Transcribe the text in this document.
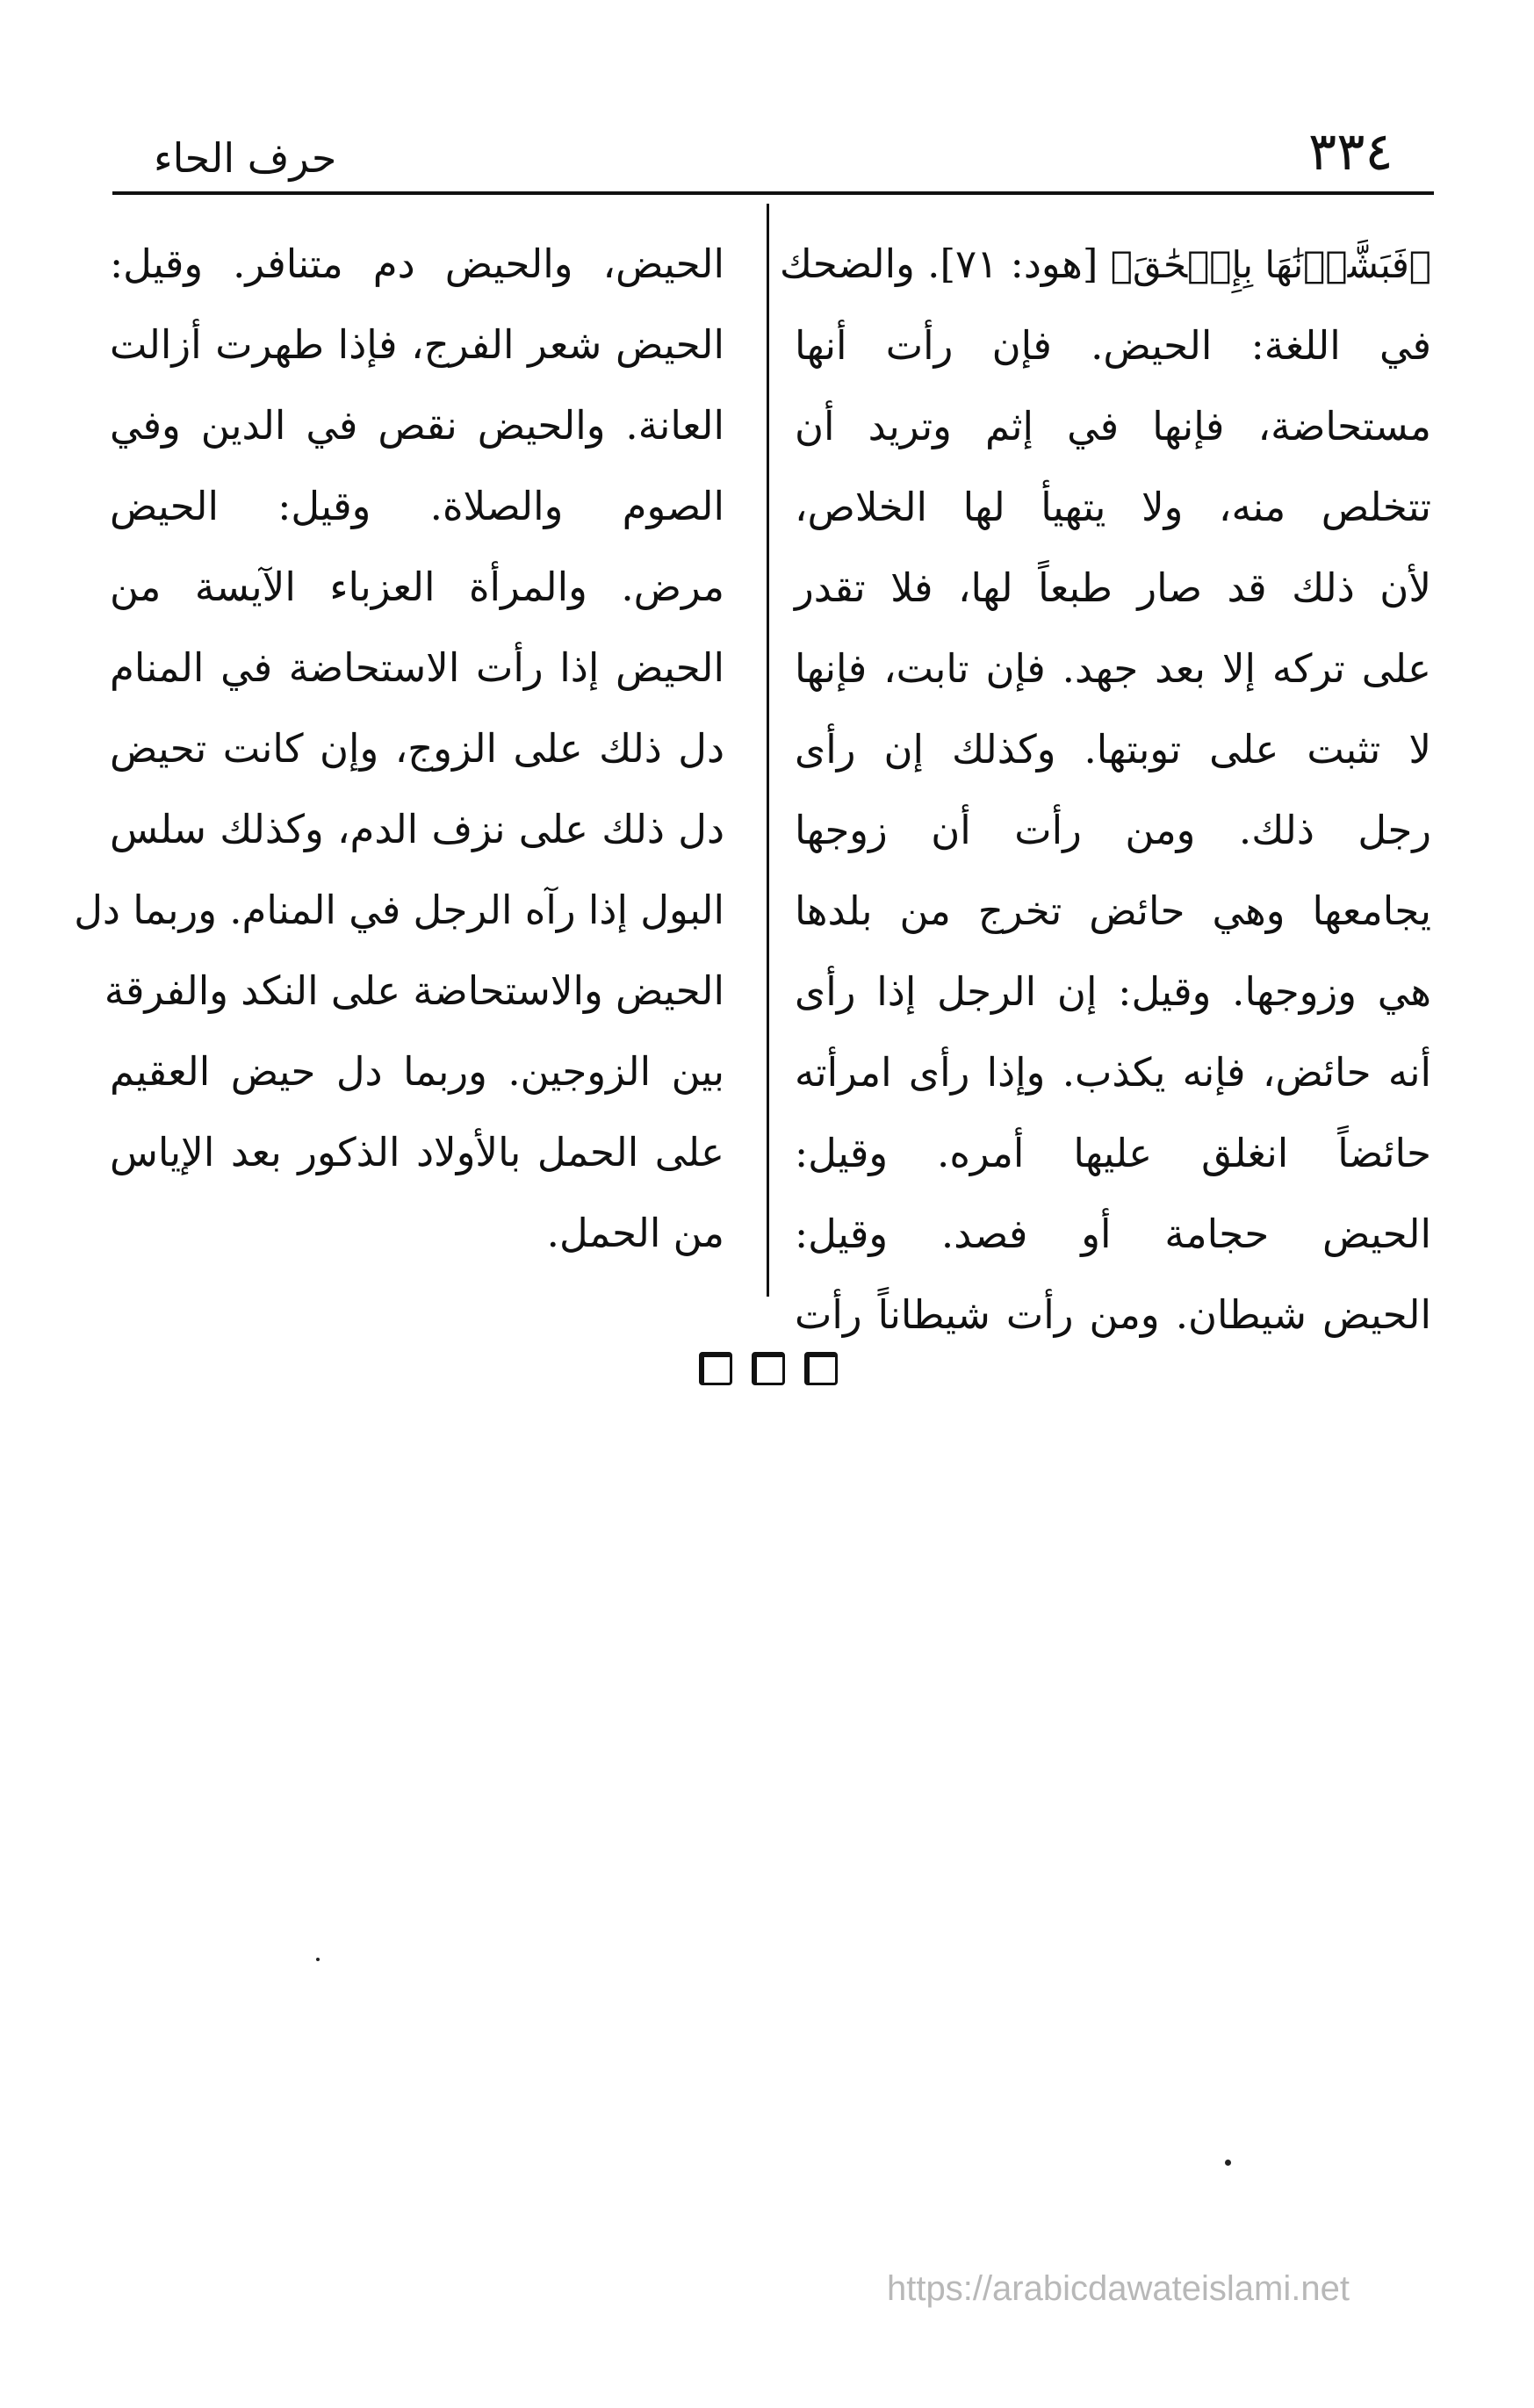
٣٣٤
حرف الحاء
﴿فَبَشَّرۡنَٰهَا بِإِسۡحَٰقَ﴾ [هود: ٧١]. والضحك
في اللغة: الحيض. فإن رأت أنها
مستحاضة، فإنها في إثم وتريد أن
تتخلص منه، ولا يتهيأ لها الخلاص،
لأن ذلك قد صار طبعاً لها، فلا تقدر
على تركه إلا بعد جهد. فإن تابت، فإنها
لا تثبت على توبتها. وكذلك إن رأى
رجل ذلك. ومن رأت أن زوجها
يجامعها وهي حائض تخرج من بلدها
هي وزوجها. وقيل: إن الرجل إذا رأى
أنه حائض، فإنه يكذب. وإذا رأى امرأته
حائضاً انغلق عليها أمره. وقيل:
الحيض حجامة أو فصد. وقيل:
الحيض شيطان. ومن رأت شيطاناً رأت
الحيض، والحيض دم متنافر. وقيل:
الحيض شعر الفرج، فإذا طهرت أزالت
العانة. والحيض نقص في الدين وفي
الصوم والصلاة. وقيل: الحيض
مرض. والمرأة العزباء الآيسة من
الحيض إذا رأت الاستحاضة في المنام
دل ذلك على الزوج، وإن كانت تحيض
دل ذلك على نزف الدم، وكذلك سلس
البول إذا رآه الرجل في المنام. وربما دل
الحيض والاستحاضة على النكد والفرقة
بين الزوجين. وربما دل حيض العقيم
على الحمل بالأولاد الذكور بعد الإياس
من الحمل.
https://arabicdawateislami.net
